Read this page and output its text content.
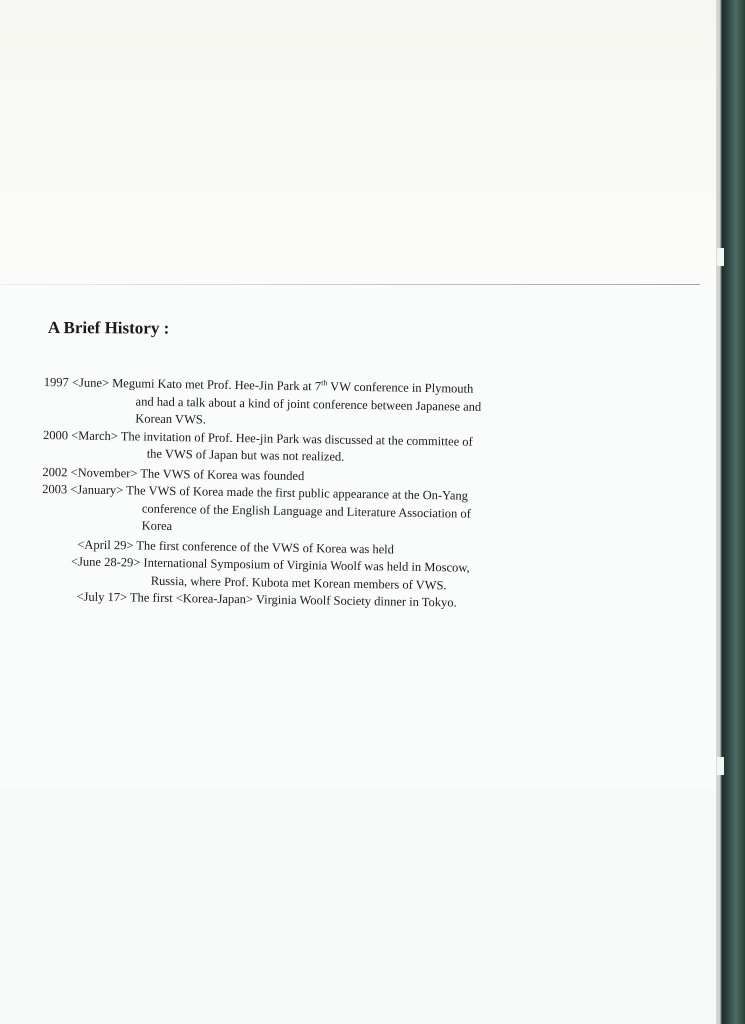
A Brief History :
1997 <June> Megumi Kato met Prof. Hee-Jin Park at 7th VW conference in Plymouth
and had a talk about a kind of joint conference between Japanese and
Korean VWS.
2000 <March> The invitation of Prof. Hee-jin Park was discussed at the committee of
the VWS of Japan but was not realized.
2002 <November> The VWS of Korea was founded
2003 <January> The VWS of Korea made the first public appearance at the On-Yang
conference of the English Language and Literature Association of
Korea
<April 29> The first conference of the VWS of Korea was held
<June 28-29> International Symposium of Virginia Woolf was held in Moscow,
Russia, where Prof. Kubota met Korean members of VWS.
<July 17> The first <Korea-Japan> Virginia Woolf Society dinner in Tokyo.
